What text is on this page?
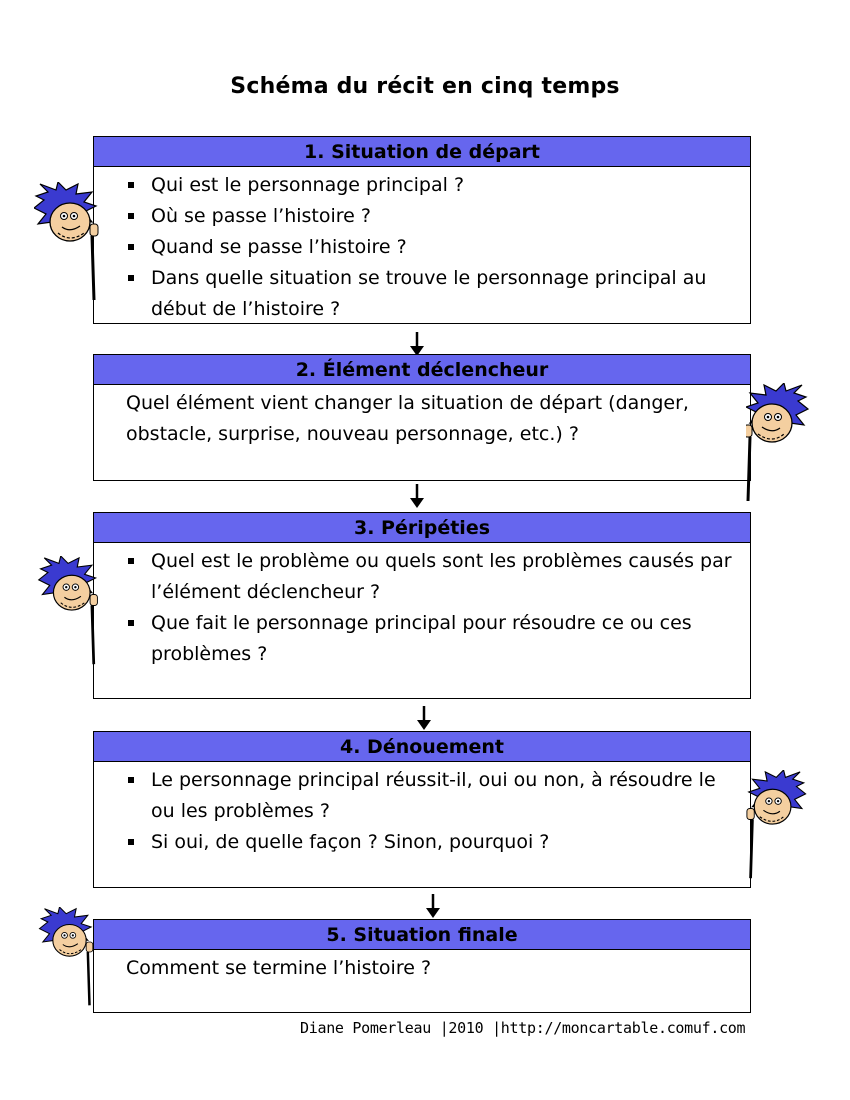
Schéma du récit en cinq temps
1. Situation de départ
Qui est le personnage principal ?
Où se passe l’histoire ?
Quand se passe l’histoire ?
Dans quelle situation se trouve le personnage principal au début de l’histoire ?
2. Élément déclencheur
Quel élément vient changer la situation de départ (danger, obstacle, surprise, nouveau personnage, etc.) ?
3. Péripéties
Quel est le problème ou quels sont les problèmes causés par l’élément déclencheur ?
Que fait le personnage principal pour résoudre ce ou ces problèmes ?
4. Dénouement
Le personnage principal réussit-il, oui ou non, à résoudre le ou les problèmes ?
Si oui, de quelle façon ? Sinon, pourquoi ?
5. Situation finale
Comment se termine l’histoire ?
Diane Pomerleau |2010 |http://moncartable.comuf.com
